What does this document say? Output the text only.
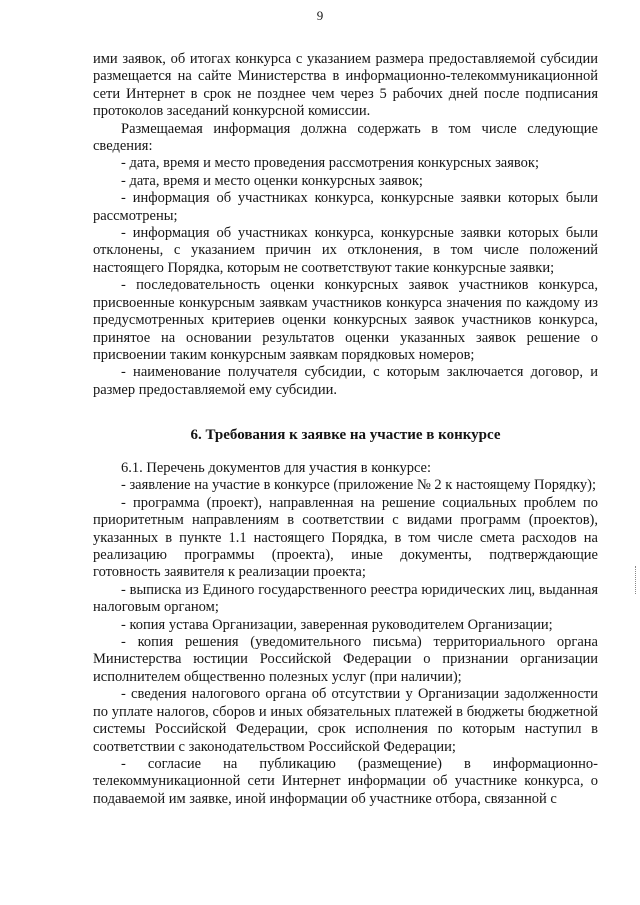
9

ими заявок, об итогах конкурса с указанием размера предоставляемой субсидии размещается на сайте Министерства в информационно-телекоммуникационной сети Интернет в срок не позднее чем через 5 рабочих дней после подписания протоколов заседаний конкурсной комиссии.

Размещаемая информация должна содержать в том числе следующие сведения:

- дата, время и место проведения рассмотрения конкурсных заявок;

- дата, время и место оценки конкурсных заявок;

- информация об участниках конкурса, конкурсные заявки которых были рассмотрены;

- информация об участниках конкурса, конкурсные заявки которых были отклонены, с указанием причин их отклонения, в том числе положений настоящего Порядка, которым не соответствуют такие конкурсные заявки;

- последовательность оценки конкурсных заявок участников конкурса, присвоенные конкурсным заявкам участников конкурса значения по каждому из предусмотренных критериев оценки конкурсных заявок участников конкурса, принятое на основании результатов оценки указанных заявок решение о присвоении таким конкурсным заявкам порядковых номеров;

- наименование получателя субсидии, с которым заключается договор, и размер предоставляемой ему субсидии.

6. Требования к заявке на участие в конкурсе

6.1. Перечень документов для участия в конкурсе:

- заявление на участие в конкурсе (приложение № 2 к настоящему Порядку);

- программа (проект), направленная на решение социальных проблем по приоритетным направлениям в соответствии с видами программ (проектов), указанных в пункте 1.1 настоящего Порядка, в том числе смета расходов на реализацию программы (проекта), иные документы, подтверждающие готовность заявителя к реализации проекта;

- выписка из Единого государственного реестра юридических лиц, выданная налоговым органом;

- копия устава Организации, заверенная руководителем Организации;

- копия решения (уведомительного письма) территориального органа Министерства юстиции Российской Федерации о признании организации исполнителем общественно полезных услуг (при наличии);

- сведения налогового органа об отсутствии у Организации задолженности по уплате налогов, сборов и иных обязательных платежей в бюджеты бюджетной системы Российской Федерации, срок исполнения по которым наступил в соответствии с законодательством Российской Федерации;

- согласие на публикацию (размещение) в информационно-телекоммуникационной сети Интернет информации об участнике конкурса, о подаваемой им заявке, иной информации об участнике отбора, связанной с
